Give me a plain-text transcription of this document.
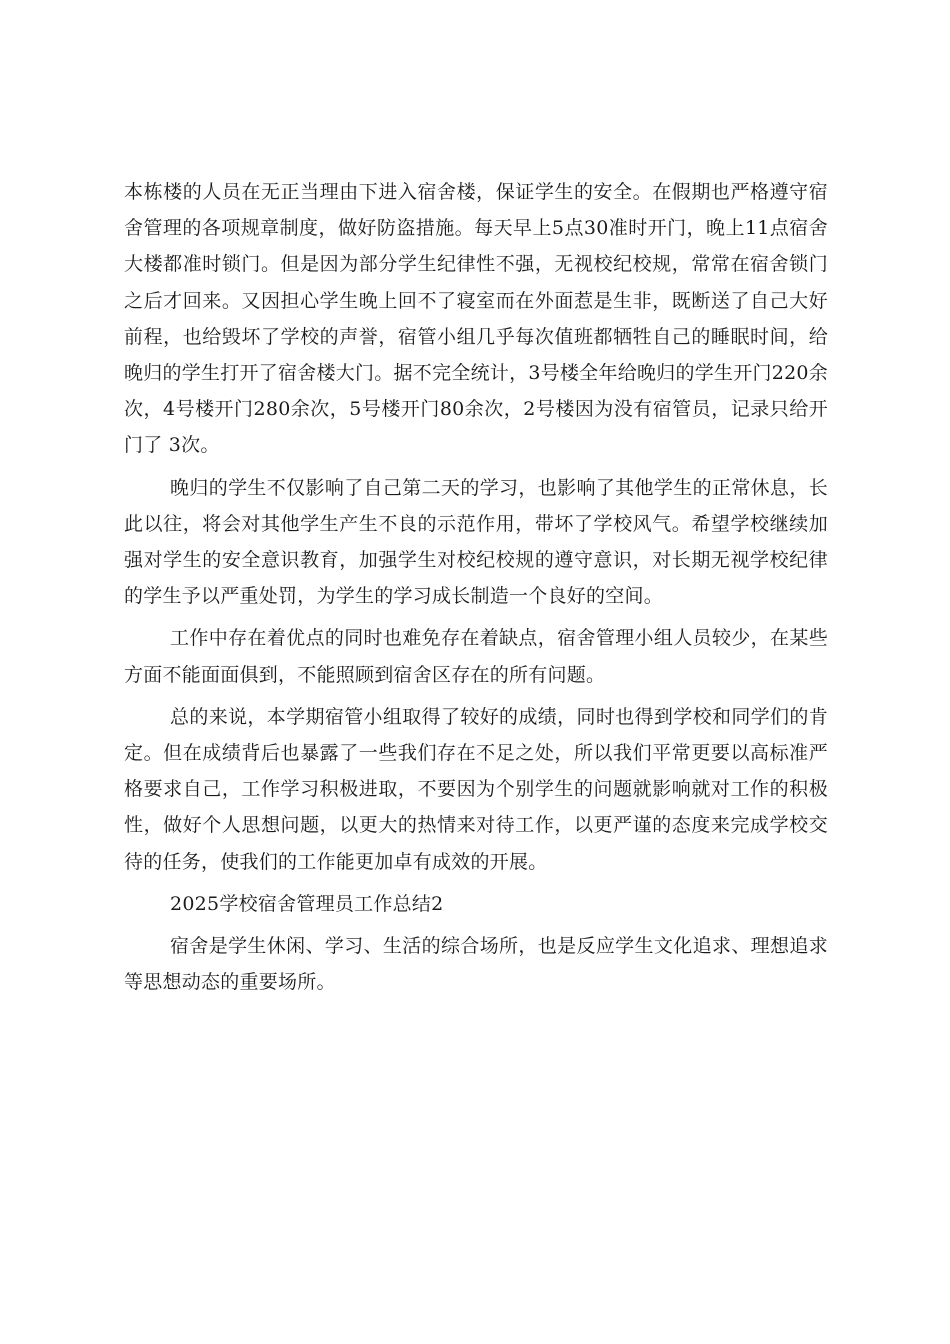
本栋楼的人员在无正当理由下进入宿舍楼，保证学生的安全。在假期也严格遵守宿舍管理的各项规章制度，做好防盗措施。每天早上5点30准时开门，晚上11点宿舍大楼都准时锁门。但是因为部分学生纪律性不强，无视校纪校规，常常在宿舍锁门之后才回来。又因担心学生晚上回不了寝室而在外面惹是生非，既断送了自己大好前程，也给毁坏了学校的声誉，宿管小组几乎每次值班都牺牲自己的睡眠时间，给晚归的学生打开了宿舍楼大门。据不完全统计，3号楼全年给晚归的学生开门220余次，4号楼开门280余次，5号楼开门80余次，2号楼因为没有宿管员，记录只给开门了 3次。

晚归的学生不仅影响了自己第二天的学习，也影响了其他学生的正常休息，长此以往，将会对其他学生产生不良的示范作用，带坏了学校风气。希望学校继续加强对学生的安全意识教育，加强学生对校纪校规的遵守意识，对长期无视学校纪律的学生予以严重处罚，为学生的学习成长制造一个良好的空间。

工作中存在着优点的同时也难免存在着缺点，宿舍管理小组人员较少，在某些方面不能面面俱到，不能照顾到宿舍区存在的所有问题。

总的来说，本学期宿管小组取得了较好的成绩，同时也得到学校和同学们的肯定。但在成绩背后也暴露了一些我们存在不足之处，所以我们平常更要以高标准严格要求自己，工作学习积极进取，不要因为个别学生的问题就影响就对工作的积极性，做好个人思想问题，以更大的热情来对待工作，以更严谨的态度来完成学校交待的任务，使我们的工作能更加卓有成效的开展。

2025学校宿舍管理员工作总结2

宿舍是学生休闲、学习、生活的综合场所，也是反应学生文化追求、理想追求等思想动态的重要场所。
